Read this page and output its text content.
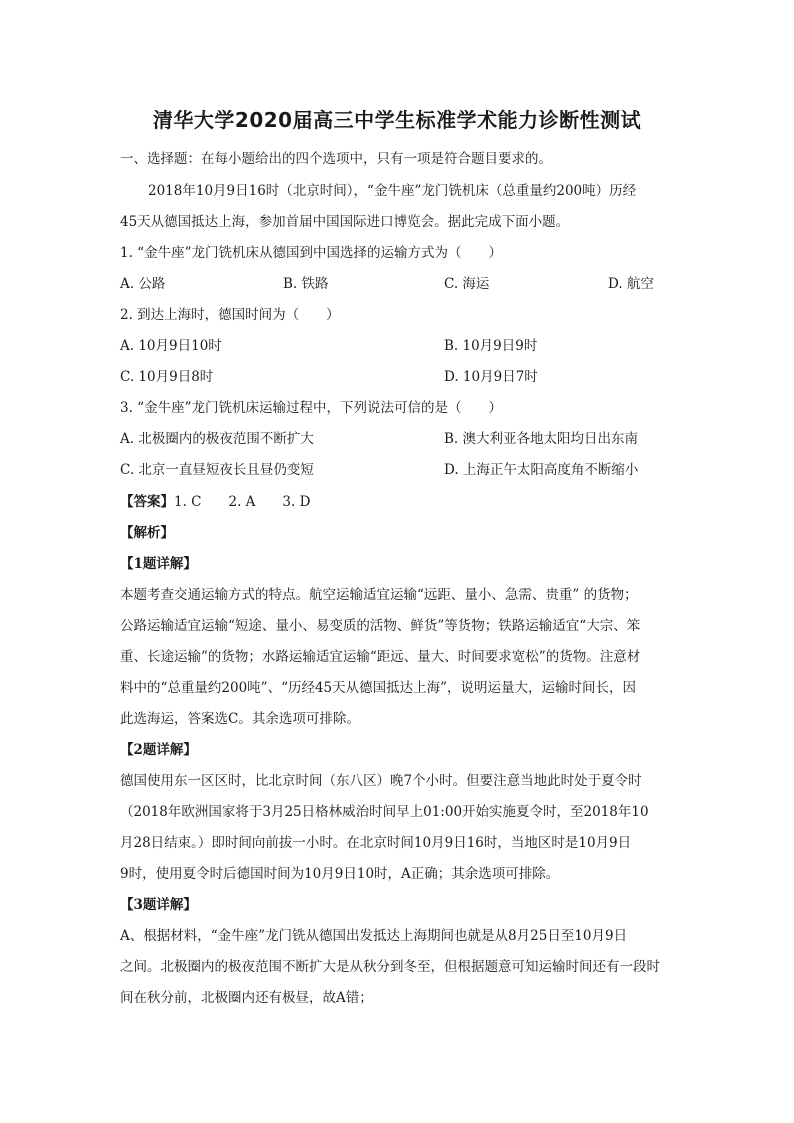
清华大学2020届高三中学生标准学术能力诊断性测试
一、选择题：在每小题给出的四个选项中，只有一项是符合题目要求的。
2018年10月9日16时（北京时间），“金牛座”龙门铣机床（总重量约200吨）历经
45天从德国抵达上海，参加首届中国国际进口博览会。据此完成下面小题。
1. “金牛座”龙门铣机床从德国到中国选择的运输方式为（　　）
A. 公路	B. 铁路	C. 海运	D. 航空
2. 到达上海时，德国时间为（　　）
A. 10月9日10时	B. 10月9日9时
C. 10月9日8时	D. 10月9日7时
3. “金牛座”龙门铣机床运输过程中，下列说法可信的是（　　）
A. 北极圈内的极夜范围不断扩大	B. 澳大利亚各地太阳均日出东南
C. 北京一直昼短夜长且昼仍变短	D. 上海正午太阳高度角不断缩小
【答案】1. C　　2. A　　3. D
【解析】
【1题详解】
本题考查交通运输方式的特点。航空运输适宜运输“远距、量小、急需、贵重” 的货物；
公路运输适宜运输“短途、量小、易变质的活物、鲜货”等货物；铁路运输适宜“大宗、笨
重、长途运输”的货物；水路运输适宜运输“距远、量大、时间要求宽松”的货物。注意材
料中的“总重量约200吨”、“历经45天从德国抵达上海”，说明运量大，运输时间长，因
此选海运，答案选C。其余选项可排除。
【2题详解】
德国使用东一区区时，比北京时间（东八区）晚7个小时。但要注意当地此时处于夏令时
（2018年欧洲国家将于3月25日格林威治时间早上01:00开始实施夏令时，至2018年10
月28日结束。）即时间向前拔一小时。在北京时间10月9日16时，当地区时是10月9日
9时，使用夏令时后德国时间为10月9日10时，A正确；其余选项可排除。
【3题详解】
A、根据材料，“金牛座”龙门铣从德国出发抵达上海期间也就是从8月25日至10月9日
之间。北极圈内的极夜范围不断扩大是从秋分到冬至，但根据题意可知运输时间还有一段时
间在秋分前，北极圈内还有极昼，故A错；
